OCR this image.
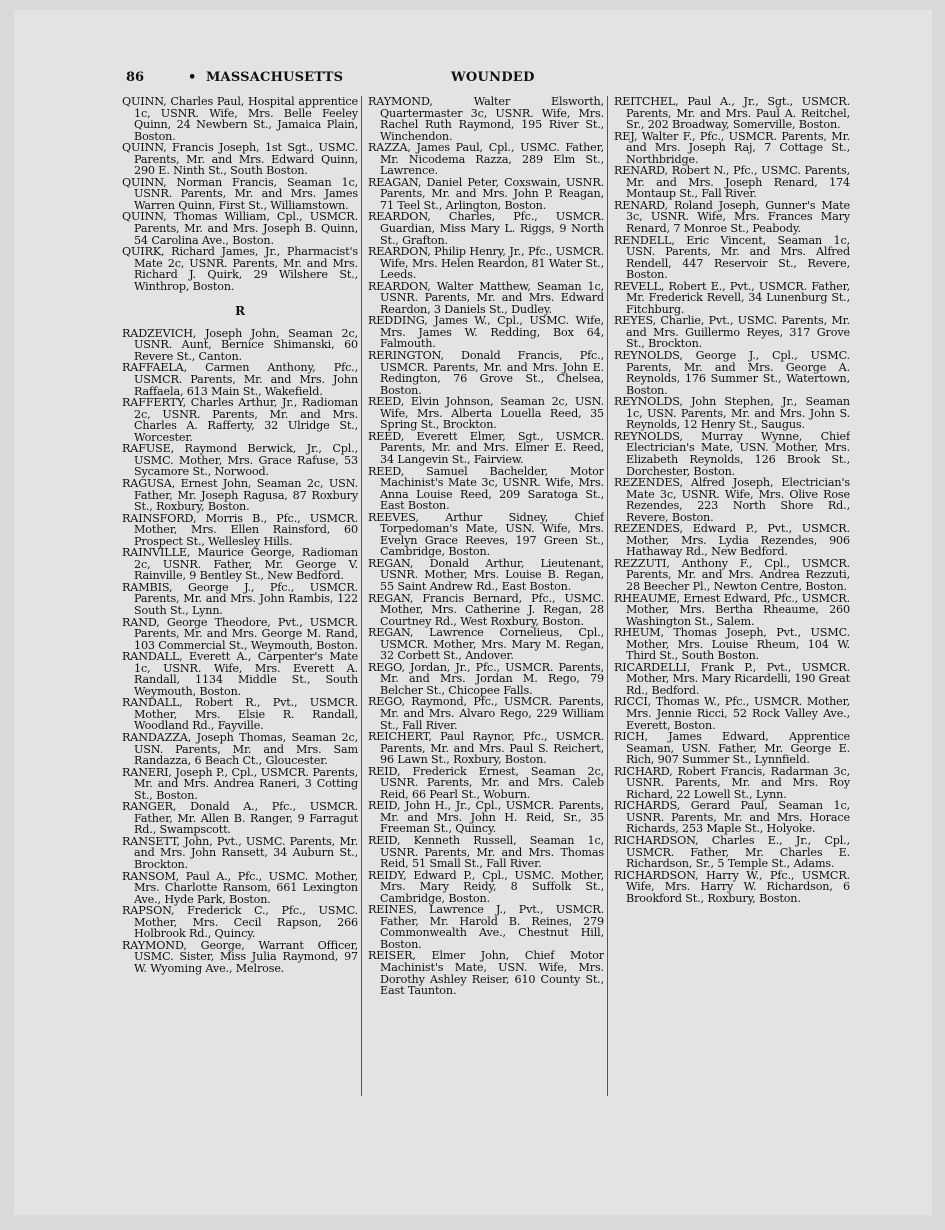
86	• MASSACHUSETTS	WOUNDED

QUINN, Charles Paul, Hospital apprentice 1c, USNR. Wife, Mrs. Belle Feeley Quinn, 24 Newbern St., Jamaica Plain, Boston.

QUINN, Francis Joseph, 1st Sgt., USMC. Parents, Mr. and Mrs. Edward Quinn, 290 E. Ninth St., South Boston.

QUINN, Norman Francis, Seaman 1c, USNR. Parents, Mr. and Mrs. James Warren Quinn, First St., Williamstown.

QUINN, Thomas William, Cpl., USMCR. Parents, Mr. and Mrs. Joseph B. Quinn, 54 Carolina Ave., Boston.

QUIRK, Richard James, Jr., Pharmacist's Mate 2c, USNR. Parents, Mr. and Mrs. Richard J. Quirk, 29 Wilshere St., Winthrop, Boston.

R

RADZEVICH, Joseph John, Seaman 2c, USNR. Aunt, Bernice Shimanski, 60 Revere St., Canton.

RAFFAELA, Carmen Anthony, Pfc., USMCR. Parents, Mr. and Mrs. John Raffaela, 613 Main St., Wakefield.

RAFFERTY, Charles Arthur, Jr., Radioman 2c, USNR. Parents, Mr. and Mrs. Charles A. Rafferty, 32 Ulridge St., Worcester.

RAFUSE, Raymond Berwick, Jr., Cpl., USMC. Mother, Mrs. Grace Rafuse, 53 Sycamore St., Norwood.

RAGUSA, Ernest John, Seaman 2c, USN. Father, Mr. Joseph Ragusa, 87 Roxbury St., Roxbury, Boston.

RAINSFORD, Morris B., Pfc., USMCR. Mother, Mrs. Ellen Rainsford, 60 Prospect St., Wellesley Hills.

RAINVILLE, Maurice George, Radioman 2c, USNR. Father, Mr. George V. Rainville, 9 Bentley St., New Bedford.

RAMBIS, George J., Pfc., USMCR. Parents, Mr. and Mrs. John Rambis, 122 South St., Lynn.

RAND, George Theodore, Pvt., USMCR. Parents, Mr. and Mrs. George M. Rand, 103 Commercial St., Weymouth, Boston.

RANDALL, Everett A., Carpenter's Mate 1c, USNR. Wife, Mrs. Everett A. Randall, 1134 Middle St., South Weymouth, Boston.

RANDALL, Robert R., Pvt., USMCR. Mother, Mrs. Elsie R. Randall, Woodland Rd., Fayville.

RANDAZZA, Joseph Thomas, Seaman 2c, USN. Parents, Mr. and Mrs. Sam Randazza, 6 Beach Ct., Gloucester.

RANERI, Joseph P., Cpl., USMCR. Parents, Mr. and Mrs. Andrea Raneri, 3 Cotting St., Boston.

RANGER, Donald A., Pfc., USMCR. Father, Mr. Allen B. Ranger, 9 Farragut Rd., Swampscott.

RANSETT, John, Pvt., USMC. Parents, Mr. and Mrs. John Ransett, 34 Auburn St., Brockton.

RANSOM, Paul A., Pfc., USMC. Mother, Mrs. Charlotte Ransom, 661 Lexington Ave., Hyde Park, Boston.

RAPSON, Frederick C., Pfc., USMC. Mother, Mrs. Cecil Rapson, 266 Holbrook Rd., Quincy.

RAYMOND, George, Warrant Officer, USMC. Sister, Miss Julia Raymond, 97 W. Wyoming Ave., Melrose.

RAYMOND, Walter Elsworth, Quartermaster 3c, USNR. Wife, Mrs. Rachel Ruth Raymond, 195 River St., Winchendon.

RAZZA, James Paul, Cpl., USMC. Father, Mr. Nicodema Razza, 289 Elm St., Lawrence.

REAGAN, Daniel Peter, Coxswain, USNR. Parents, Mr. and Mrs. John P. Reagan, 71 Teel St., Arlington, Boston.

REARDON, Charles, Pfc., USMCR. Guardian, Miss Mary L. Riggs, 9 North St., Grafton.

REARDON, Philip Henry, Jr., Pfc., USMCR. Wife, Mrs. Helen Reardon, 81 Water St., Leeds.

REARDON, Walter Matthew, Seaman 1c, USNR. Parents, Mr. and Mrs. Edward Reardon, 3 Daniels St., Dudley.

REDDING, James W., Cpl., USMC. Wife, Mrs. James W. Redding, Box 64, Falmouth.

RERINGTON, Donald Francis, Pfc., USMCR. Parents, Mr. and Mrs. John E. Redington, 76 Grove St., Chelsea, Boston.

REED, Elvin Johnson, Seaman 2c, USN. Wife, Mrs. Alberta Louella Reed, 35 Spring St., Brockton.

REED, Everett Elmer, Sgt., USMCR. Parents, Mr. and Mrs. Elmer E. Reed, 34 Langevin St., Fairview.

REED, Samuel Bachelder, Motor Machinist's Mate 3c, USNR. Wife, Mrs. Anna Louise Reed, 209 Saratoga St., East Boston.

REEVES, Arthur Sidney, Chief Torpedoman's Mate, USN. Wife, Mrs. Evelyn Grace Reeves, 197 Green St., Cambridge, Boston.

REGAN, Donald Arthur, Lieutenant, USNR. Mother, Mrs. Louise B. Regan, 55 Saint Andrew Rd., East Boston.

REGAN, Francis Bernard, Pfc., USMC. Mother, Mrs. Catherine J. Regan, 28 Courtney Rd., West Roxbury, Boston.

REGAN, Lawrence Cornelieus, Cpl., USMCR. Mother, Mrs. Mary M. Regan, 32 Corbett St., Andover.

REGO, Jordan, Jr., Pfc., USMCR. Parents, Mr. and Mrs. Jordan M. Rego, 79 Belcher St., Chicopee Falls.

REGO, Raymond, Pfc., USMCR. Parents, Mr. and Mrs. Alvaro Rego, 229 William St., Fall River.

REICHERT, Paul Raynor, Pfc., USMCR. Parents, Mr. and Mrs. Paul S. Reichert, 96 Lawn St., Roxbury, Boston.

REID, Frederick Ernest, Seaman 2c, USNR. Parents, Mr. and Mrs. Caleb Reid, 66 Pearl St., Woburn.

REID, John H., Jr., Cpl., USMCR. Parents, Mr. and Mrs. John H. Reid, Sr., 35 Freeman St., Quincy.

REID, Kenneth Russell, Seaman 1c, USNR. Parents, Mr. and Mrs. Thomas Reid, 51 Small St., Fall River.

REIDY, Edward P., Cpl., USMC. Mother, Mrs. Mary Reidy, 8 Suffolk St., Cambridge, Boston.

REINES, Lawrence J., Pvt., USMCR. Father, Mr. Harold B. Reines, 279 Commonwealth Ave., Chestnut Hill, Boston.

REISER, Elmer John, Chief Motor Machinist's Mate, USN. Wife, Mrs. Dorothy Ashley Reiser, 610 County St., East Taunton.

REITCHEL, Paul A., Jr., Sgt., USMCR. Parents, Mr. and Mrs. Paul A. Reitchel, Sr., 202 Broadway, Somerville, Boston.

REJ, Walter F., Pfc., USMCR. Parents, Mr. and Mrs. Joseph Raj, 7 Cottage St., Northbridge.

RENARD, Robert N., Pfc., USMC. Parents, Mr. and Mrs. Joseph Renard, 174 Montaup St., Fall River.

RENARD, Roland Joseph, Gunner's Mate 3c, USNR. Wife, Mrs. Frances Mary Renard, 7 Monroe St., Peabody.

RENDELL, Eric Vincent, Seaman 1c, USN. Parents, Mr. and Mrs. Alfred Rendell, 447 Reservoir St., Revere, Boston.

REVELL, Robert E., Pvt., USMCR. Father, Mr. Frederick Revell, 34 Lunenburg St., Fitchburg.

REYES, Charlie, Pvt., USMC. Parents, Mr. and Mrs. Guillermo Reyes, 317 Grove St., Brockton.

REYNOLDS, George J., Cpl., USMC. Parents, Mr. and Mrs. George A. Reynolds, 176 Summer St., Watertown, Boston.

REYNOLDS, John Stephen, Jr., Seaman 1c, USN. Parents, Mr. and Mrs. John S. Reynolds, 12 Henry St., Saugus.

REYNOLDS, Murray Wynne, Chief Electrician's Mate, USN. Mother, Mrs. Elizabeth Reynolds, 126 Brook St., Dorchester, Boston.

REZENDES, Alfred Joseph, Electrician's Mate 3c, USNR. Wife, Mrs. Olive Rose Rezendes, 223 North Shore Rd., Revere, Boston.

REZENDES, Edward P., Pvt., USMCR. Mother, Mrs. Lydia Rezendes, 906 Hathaway Rd., New Bedford.

REZZUTI, Anthony F., Cpl., USMCR. Parents, Mr. and Mrs. Andrea Rezzuti, 28 Beecher Pl., Newton Centre, Boston.

RHEAUME, Ernest Edward, Pfc., USMCR. Mother, Mrs. Bertha Rheaume, 260 Washington St., Salem.

RHEUM, Thomas Joseph, Pvt., USMC. Mother, Mrs. Louise Rheum, 104 W. Third St., South Boston.

RICARDELLI, Frank P., Pvt., USMCR. Mother, Mrs. Mary Ricardelli, 190 Great Rd., Bedford.

RICCI, Thomas W., Pfc., USMCR. Mother, Mrs. Jennie Ricci, 52 Rock Valley Ave., Everett, Boston.

RICH, James Edward, Apprentice Seaman, USN. Father, Mr. George E. Rich, 907 Summer St., Lynnfield.

RICHARD, Robert Francis, Radarman 3c, USNR. Parents, Mr. and Mrs. Roy Richard, 22 Lowell St., Lynn.

RICHARDS, Gerard Paul, Seaman 1c, USNR. Parents, Mr. and Mrs. Horace Richards, 253 Maple St., Holyoke.

RICHARDSON, Charles E., Jr., Cpl., USMCR. Father, Mr. Charles E. Richardson, Sr., 5 Temple St., Adams.

RICHARDSON, Harry W., Pfc., USMCR. Wife, Mrs. Harry W. Richardson, 6 Brookford St., Roxbury, Boston.
